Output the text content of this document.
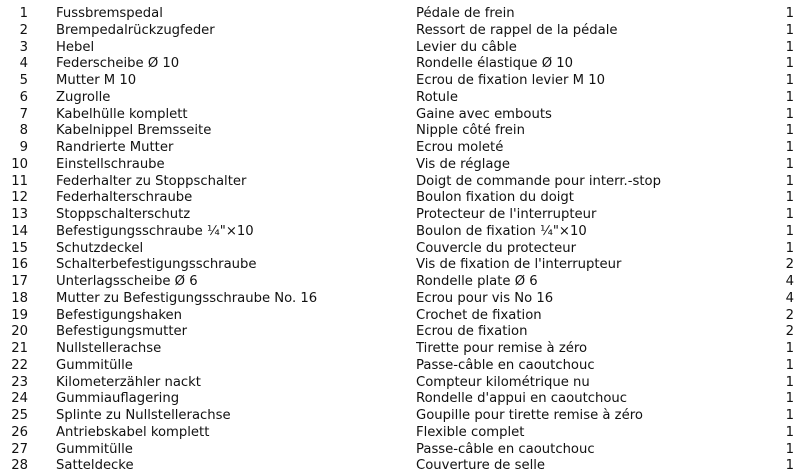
1 Fussbremspedal	Pédale de frein	1
2 Brempedalrückzugfeder	Ressort de rappel de la pédale	1
3 Hebel	Levier du câble	1
4 Federscheibe Ø 10	Rondelle élastique Ø 10	1
5 Mutter M 10	Ecrou de fixation levier M 10	1
6 Zugrolle	Rotule	1
7 Kabelhülle komplett	Gaine avec embouts	1
8 Kabelnippel Bremsseite	Nipple côté frein	1
9 Randrierte Mutter	Ecrou moleté	1
10 Einstellschraube	Vis de réglage	1
11 Federhalter zu Stoppschalter	Doigt de commande pour interr.-stop	1
12 Federhalterschraube	Boulon fixation du doigt	1
13 Stoppschalterschutz	Protecteur de l'interrupteur	1
14 Befestigungsschraube ¼"×10	Boulon de fixation ¼"×10	1
15 Schutzdeckel	Couvercle du protecteur	1
16 Schalterbefestigungsschraube	Vis de fixation de l'interrupteur	2
17 Unterlagsscheibe Ø 6	Rondelle plate Ø 6	4
18 Mutter zu Befestigungsschraube No. 16	Ecrou pour vis No 16	4
19 Befestigungshaken	Crochet de fixation	2
20 Befestigungsmutter	Ecrou de fixation	2
21 Nullstellerachse	Tirette pour remise à zéro	1
22 Gummitülle	Passe-câble en caoutchouc	1
23 Kilometerzähler nackt	Compteur kilométrique nu	1
24 Gummiauflagering	Rondelle d'appui en caoutchouc	1
25 Splinte zu Nullstellerachse	Goupille pour tirette remise à zéro	1
26 Antriebskabel komplett	Flexible complet	1
27 Gummitülle	Passe-câble en caoutchouc	1
28 Satteldecke	Couverture de selle	1
